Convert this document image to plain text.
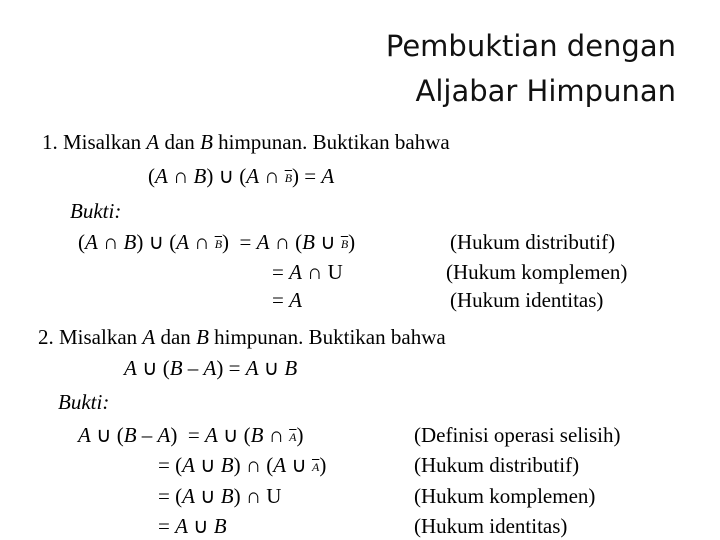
Pembuktian dengan
Aljabar Himpunan
1. Misalkan A dan B himpunan. Buktikan bahwa
(A ∩ B) ∪ (A ∩ $\overline{B}) = A$
Bukti:
(A ∩ B) ∪ (A ∩ $\overline{B}) = A$ ∩ (B ∪ $\overline{B}$)	(Hukum distributif)
= A ∩ U	(Hukum komplemen)
= A	(Hukum identitas)
2. Misalkan A dan B himpunan. Buktikan bahwa
A ∪ (B – A) = A ∪ B
Bukti:
A ∪ (B – A)  = A ∪ (B ∩ $\overline{A}$)	(Definisi operasi selisih)
= (A ∪ B) ∩ (A ∪ $\overline{A}$)	(Hukum distributif)
= (A ∪ B) ∩ U	(Hukum komplemen)
= A ∪ B	(Hukum identitas)
